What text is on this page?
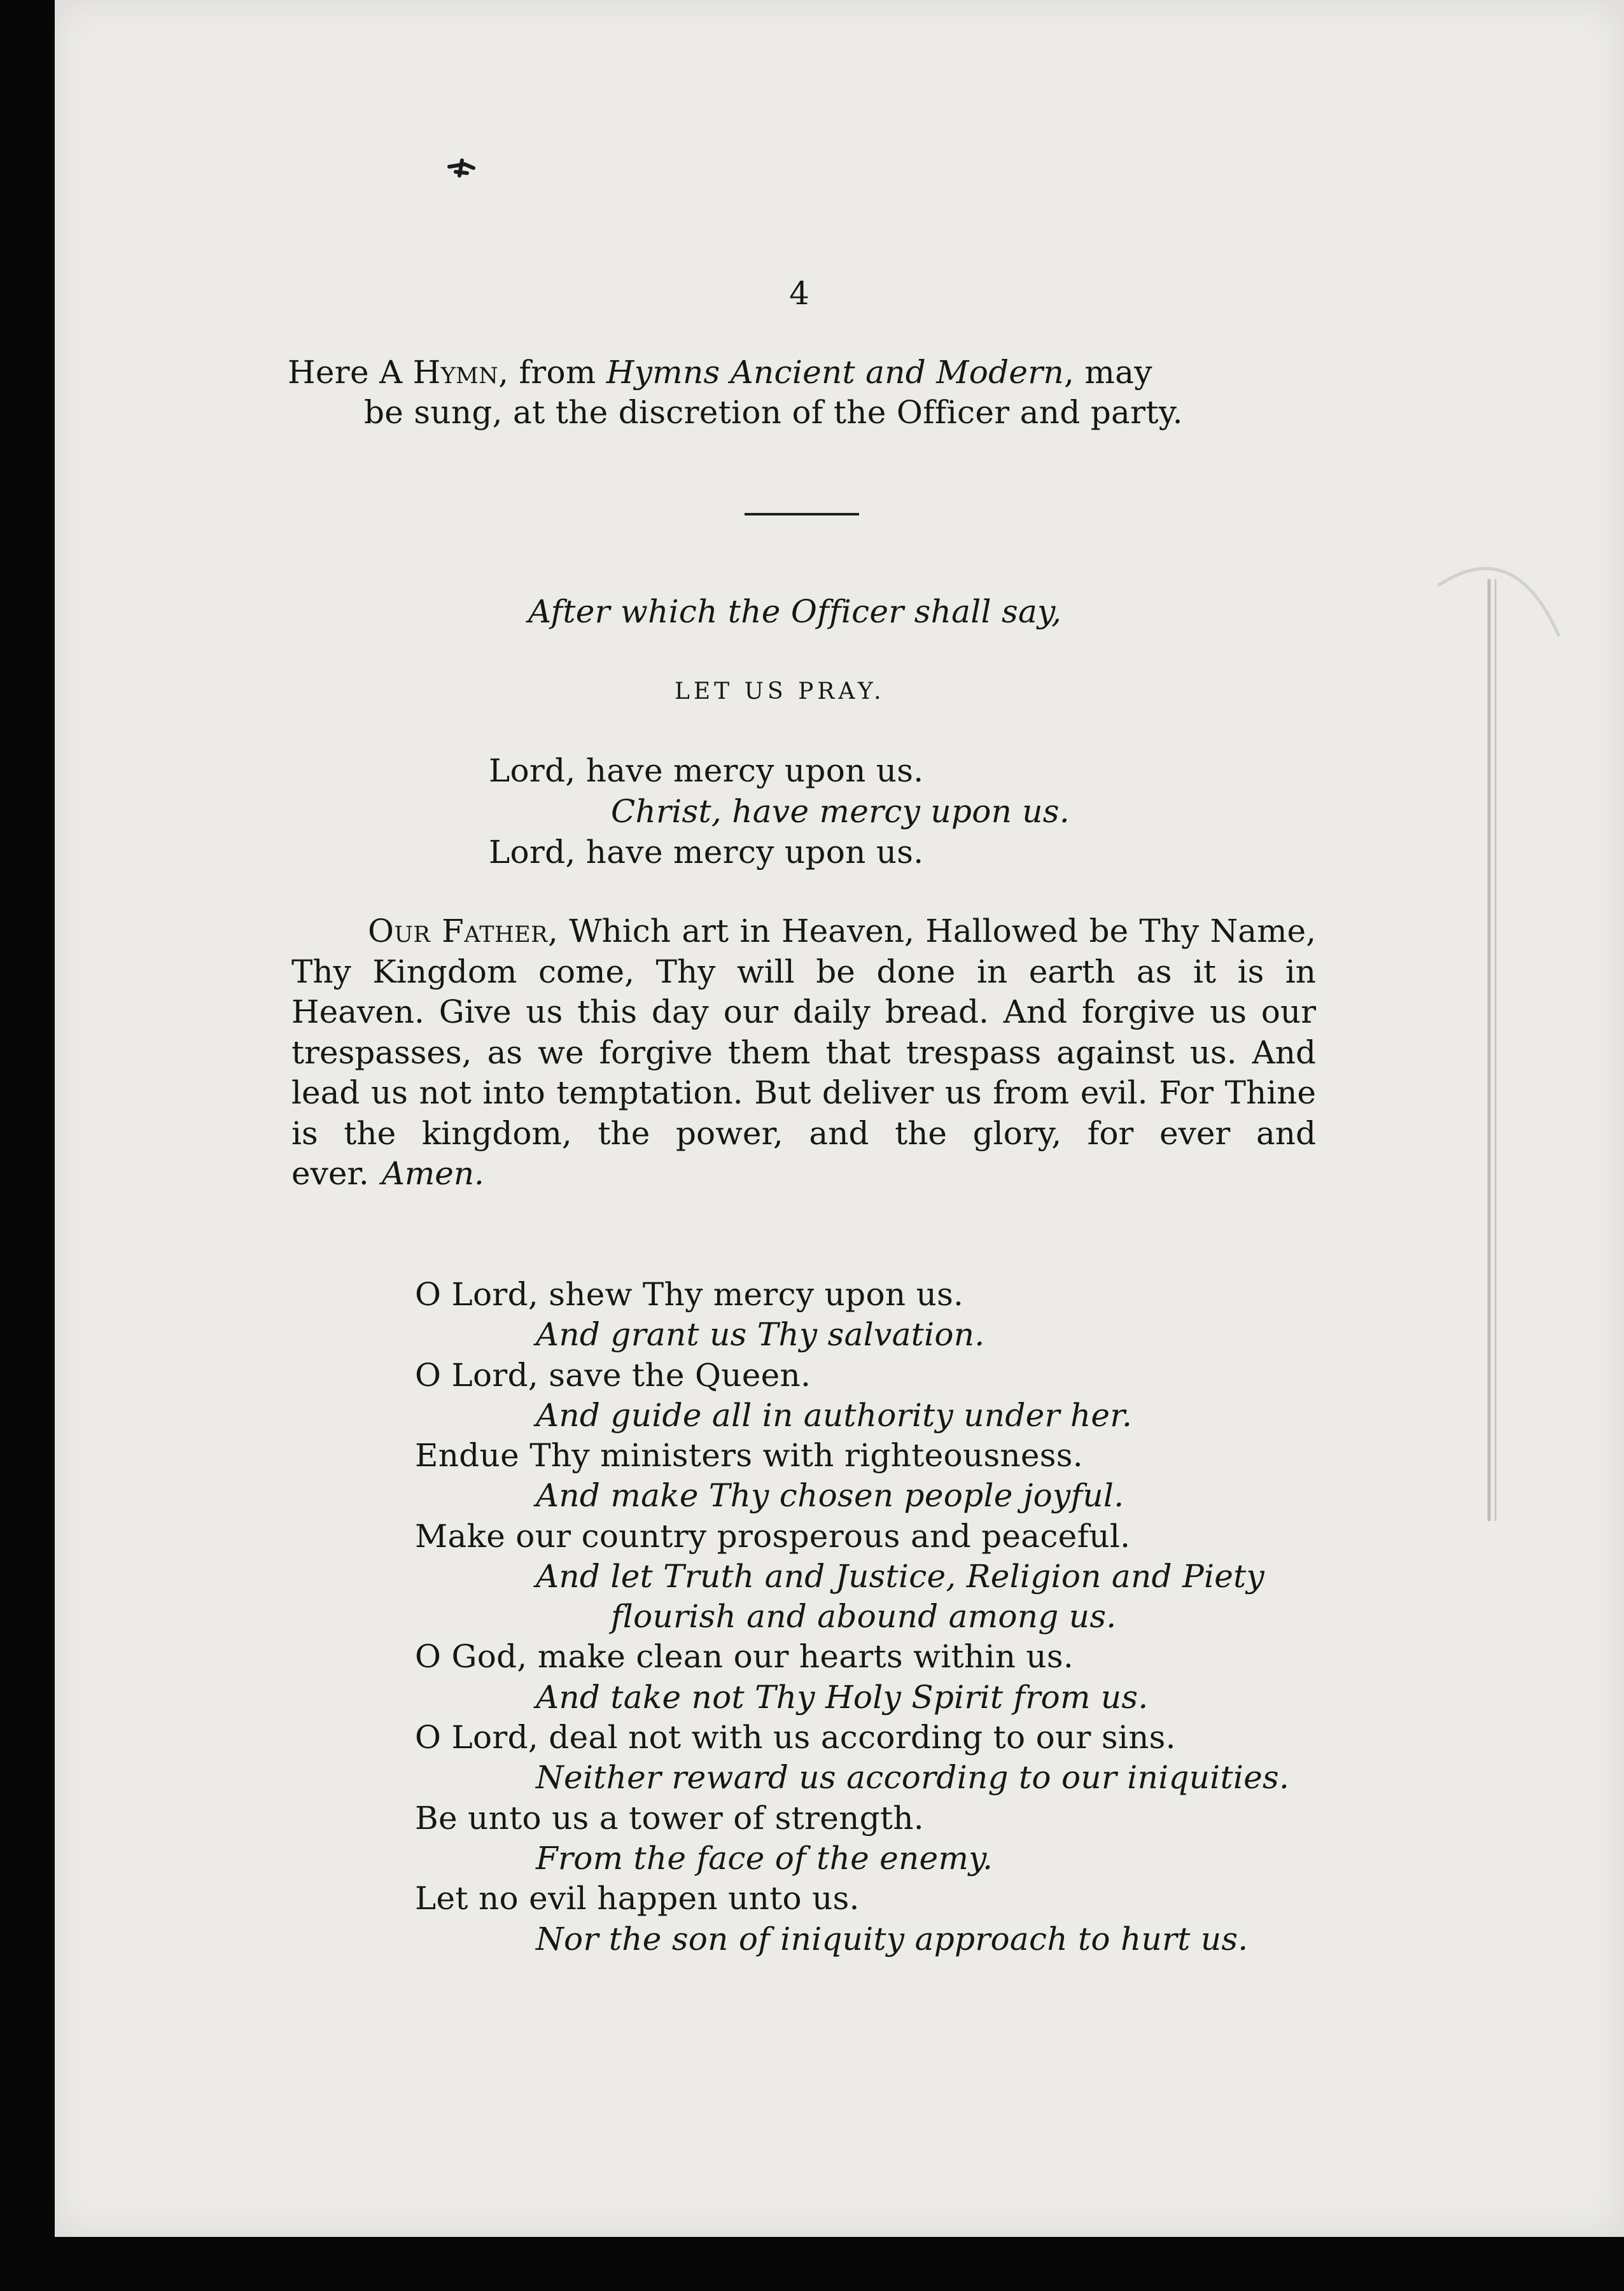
4
Here A Hymn, from Hymns Ancient and Modern, may
be sung, at the discretion of the Officer and party.
After which the Officer shall say,
LET US PRAY.
Lord, have mercy upon us.
Christ, have mercy upon us.
Lord, have mercy upon us.
Our Father, Which art in Heaven, Hallowed be Thy Name, Thy Kingdom come, Thy will be done in earth as it is in Heaven. Give us this day our daily bread. And forgive us our trespasses, as we forgive them that trespass against us. And lead us not into temptation. But deliver us from evil. For Thine is the kingdom, the power, and the glory, for ever and ever. Amen.
O Lord, shew Thy mercy upon us.
And grant us Thy salvation.
O Lord, save the Queen.
And guide all in authority under her.
Endue Thy ministers with righteousness.
And make Thy chosen people joyful.
Make our country prosperous and peaceful.
And let Truth and Justice, Religion and Piety
flourish and abound among us.
O God, make clean our hearts within us.
And take not Thy Holy Spirit from us.
O Lord, deal not with us according to our sins.
Neither reward us according to our iniquities.
Be unto us a tower of strength.
From the face of the enemy.
Let no evil happen unto us.
Nor the son of iniquity approach to hurt us.
